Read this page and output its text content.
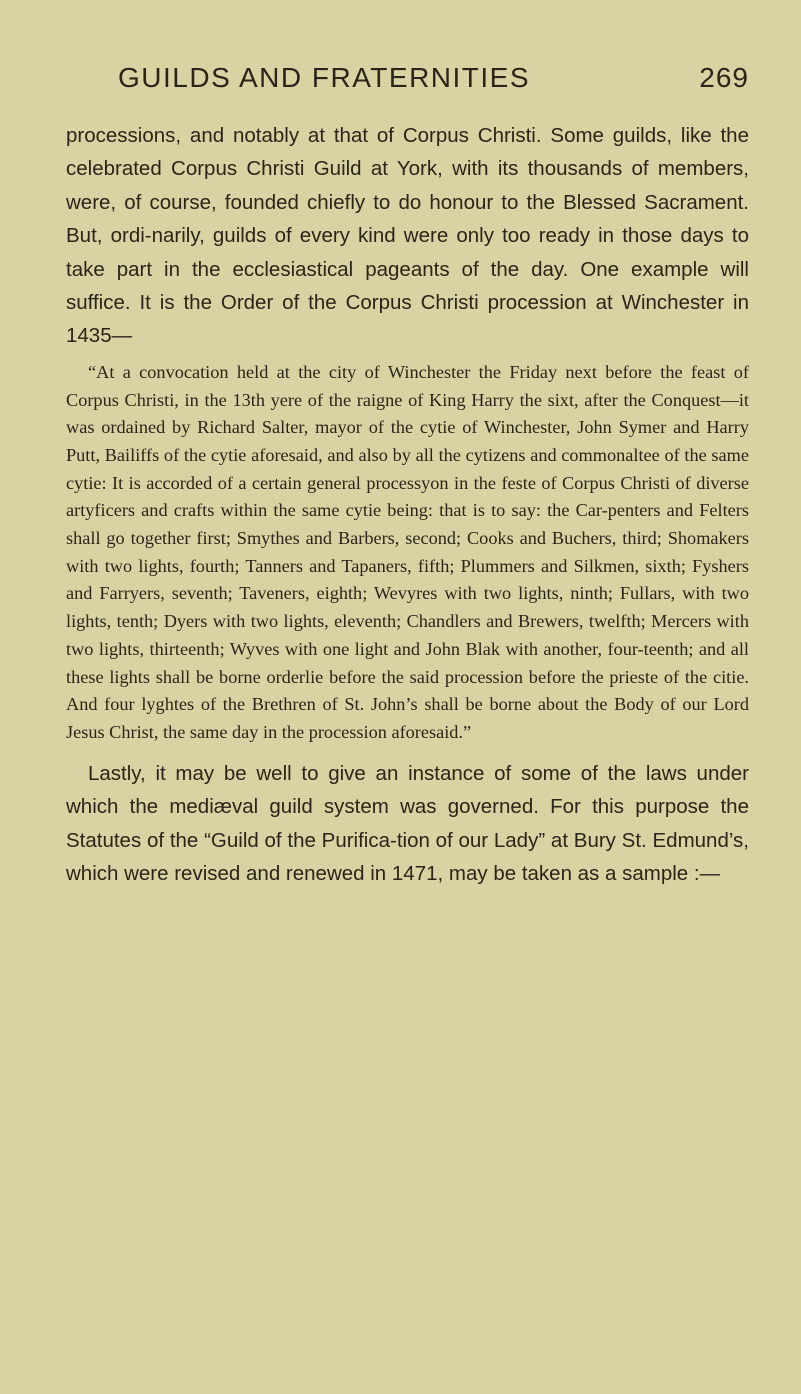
GUILDS AND FRATERNITIES	269

processions, and notably at that of Corpus Christi. Some guilds, like the celebrated Corpus Christi Guild at York, with its thousands of members, were, of course, founded chiefly to do honour to the Blessed Sacrament. But, ordi-narily, guilds of every kind were only too ready in those days to take part in the ecclesiastical pageants of the day. One example will suffice. It is the Order of the Corpus Christi procession at Winchester in 1435—

“At a convocation held at the city of Winchester the Friday next before the feast of Corpus Christi, in the 13th yere of the raigne of King Harry the sixt, after the Conquest—it was ordained by Richard Salter, mayor of the cytie of Winchester, John Symer and Harry Putt, Bailiffs of the cytie aforesaid, and also by all the cytizens and commonaltee of the same cytie: It is accorded of a certain general processyon in the feste of Corpus Christi of diverse artyficers and crafts within the same cytie being: that is to say: the Car-penters and Felters shall go together first; Smythes and Barbers, second; Cooks and Buchers, third; Shomakers with two lights, fourth; Tanners and Tapaners, fifth; Plummers and Silkmen, sixth; Fyshers and Farryers, seventh; Taveners, eighth; Wevyres with two lights, ninth; Fullars, with two lights, tenth; Dyers with two lights, eleventh; Chandlers and Brewers, twelfth; Mercers with two lights, thirteenth; Wyves with one light and John Blak with another, four-teenth; and all these lights shall be borne orderlie before the said procession before the prieste of the citie. And four lyghtes of the Brethren of St. John’s shall be borne about the Body of our Lord Jesus Christ, the same day in the procession aforesaid.”

Lastly, it may be well to give an instance of some of the laws under which the mediæval guild system was governed. For this purpose the Statutes of the “Guild of the Purifica-tion of our Lady” at Bury St. Edmund’s, which were revised and renewed in 1471, may be taken as a sample :—
